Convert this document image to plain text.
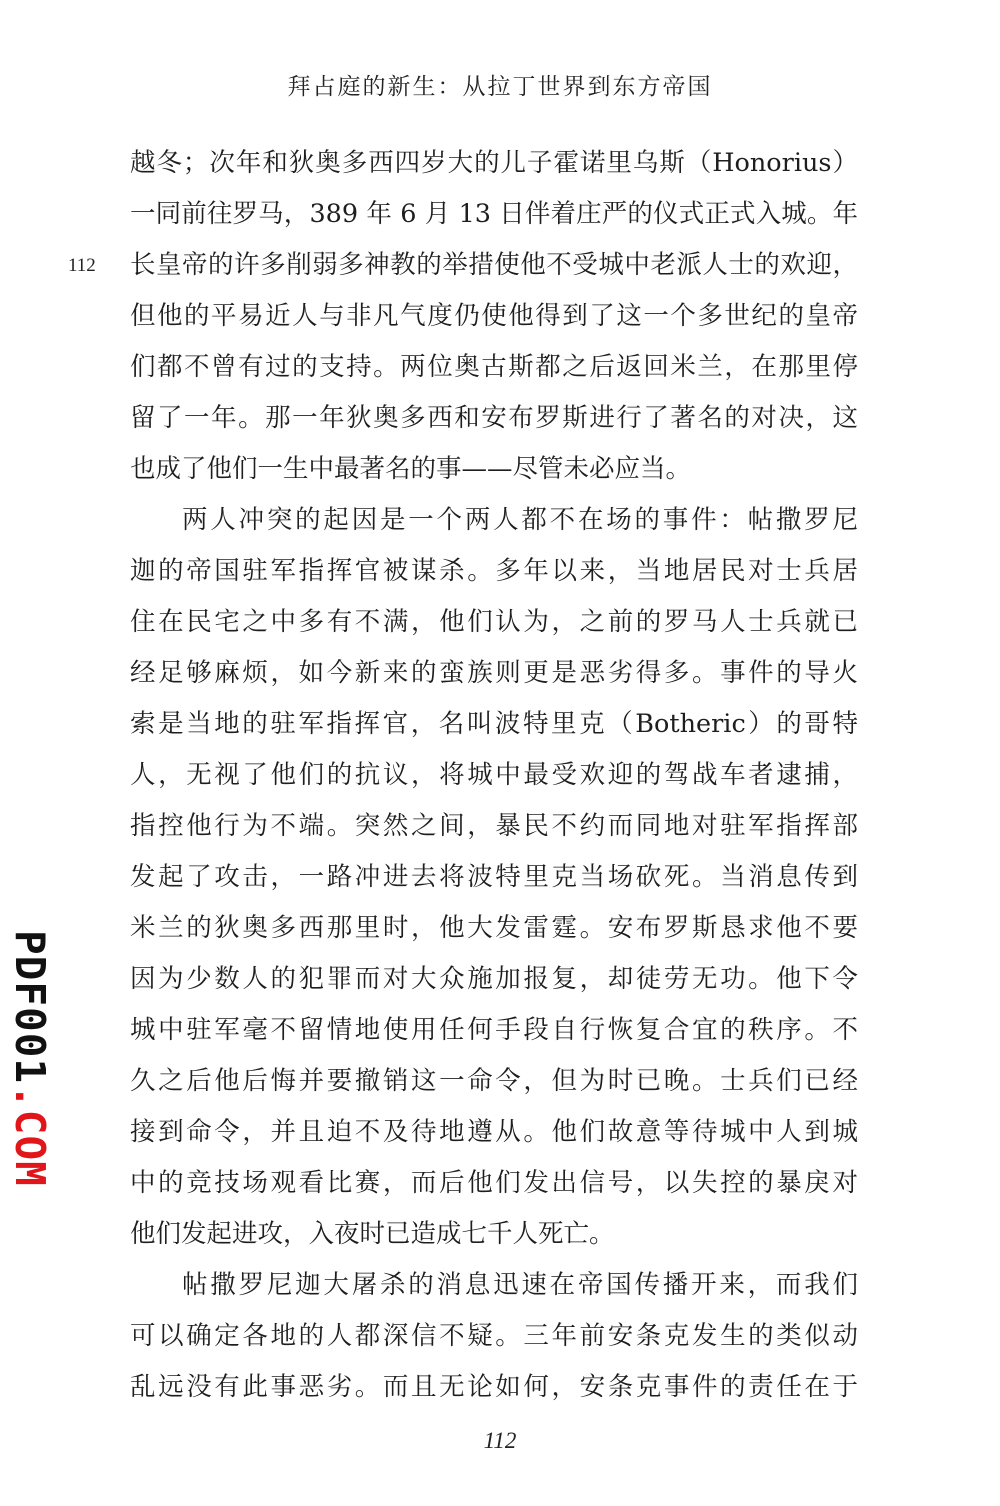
拜占庭的新生：从拉丁世界到东方帝国
112
越冬；次年和狄奥多西四岁大的儿子霍诺里乌斯（Honorius）
一同前往罗马，389 年 6 月 13 日伴着庄严的仪式正式入城。年
长皇帝的许多削弱多神教的举措使他不受城中老派人士的欢迎，
但他的平易近人与非凡气度仍使他得到了这一个多世纪的皇帝
们都不曾有过的支持。两位奥古斯都之后返回米兰，在那里停
留了一年。那一年狄奥多西和安布罗斯进行了著名的对决，这
也成了他们一生中最著名的事——尽管未必应当。
两人冲突的起因是一个两人都不在场的事件：帖撒罗尼
迦的帝国驻军指挥官被谋杀。多年以来，当地居民对士兵居
住在民宅之中多有不满，他们认为，之前的罗马人士兵就已
经足够麻烦，如今新来的蛮族则更是恶劣得多。事件的导火
索是当地的驻军指挥官，名叫波特里克（Botheric）的哥特
人，无视了他们的抗议，将城中最受欢迎的驾战车者逮捕，
指控他行为不端。突然之间，暴民不约而同地对驻军指挥部
发起了攻击，一路冲进去将波特里克当场砍死。当消息传到
米兰的狄奥多西那里时，他大发雷霆。安布罗斯恳求他不要
因为少数人的犯罪而对大众施加报复，却徒劳无功。他下令
城中驻军毫不留情地使用任何手段自行恢复合宜的秩序。不
久之后他后悔并要撤销这一命令，但为时已晚。士兵们已经
接到命令，并且迫不及待地遵从。他们故意等待城中人到城
中的竞技场观看比赛，而后他们发出信号，以失控的暴戾对
他们发起进攻，入夜时已造成七千人死亡。
帖撒罗尼迦大屠杀的消息迅速在帝国传播开来，而我们
可以确定各地的人都深信不疑。三年前安条克发生的类似动
乱远没有此事恶劣。而且无论如何，安条克事件的责任在于
PDF001.COM
112
